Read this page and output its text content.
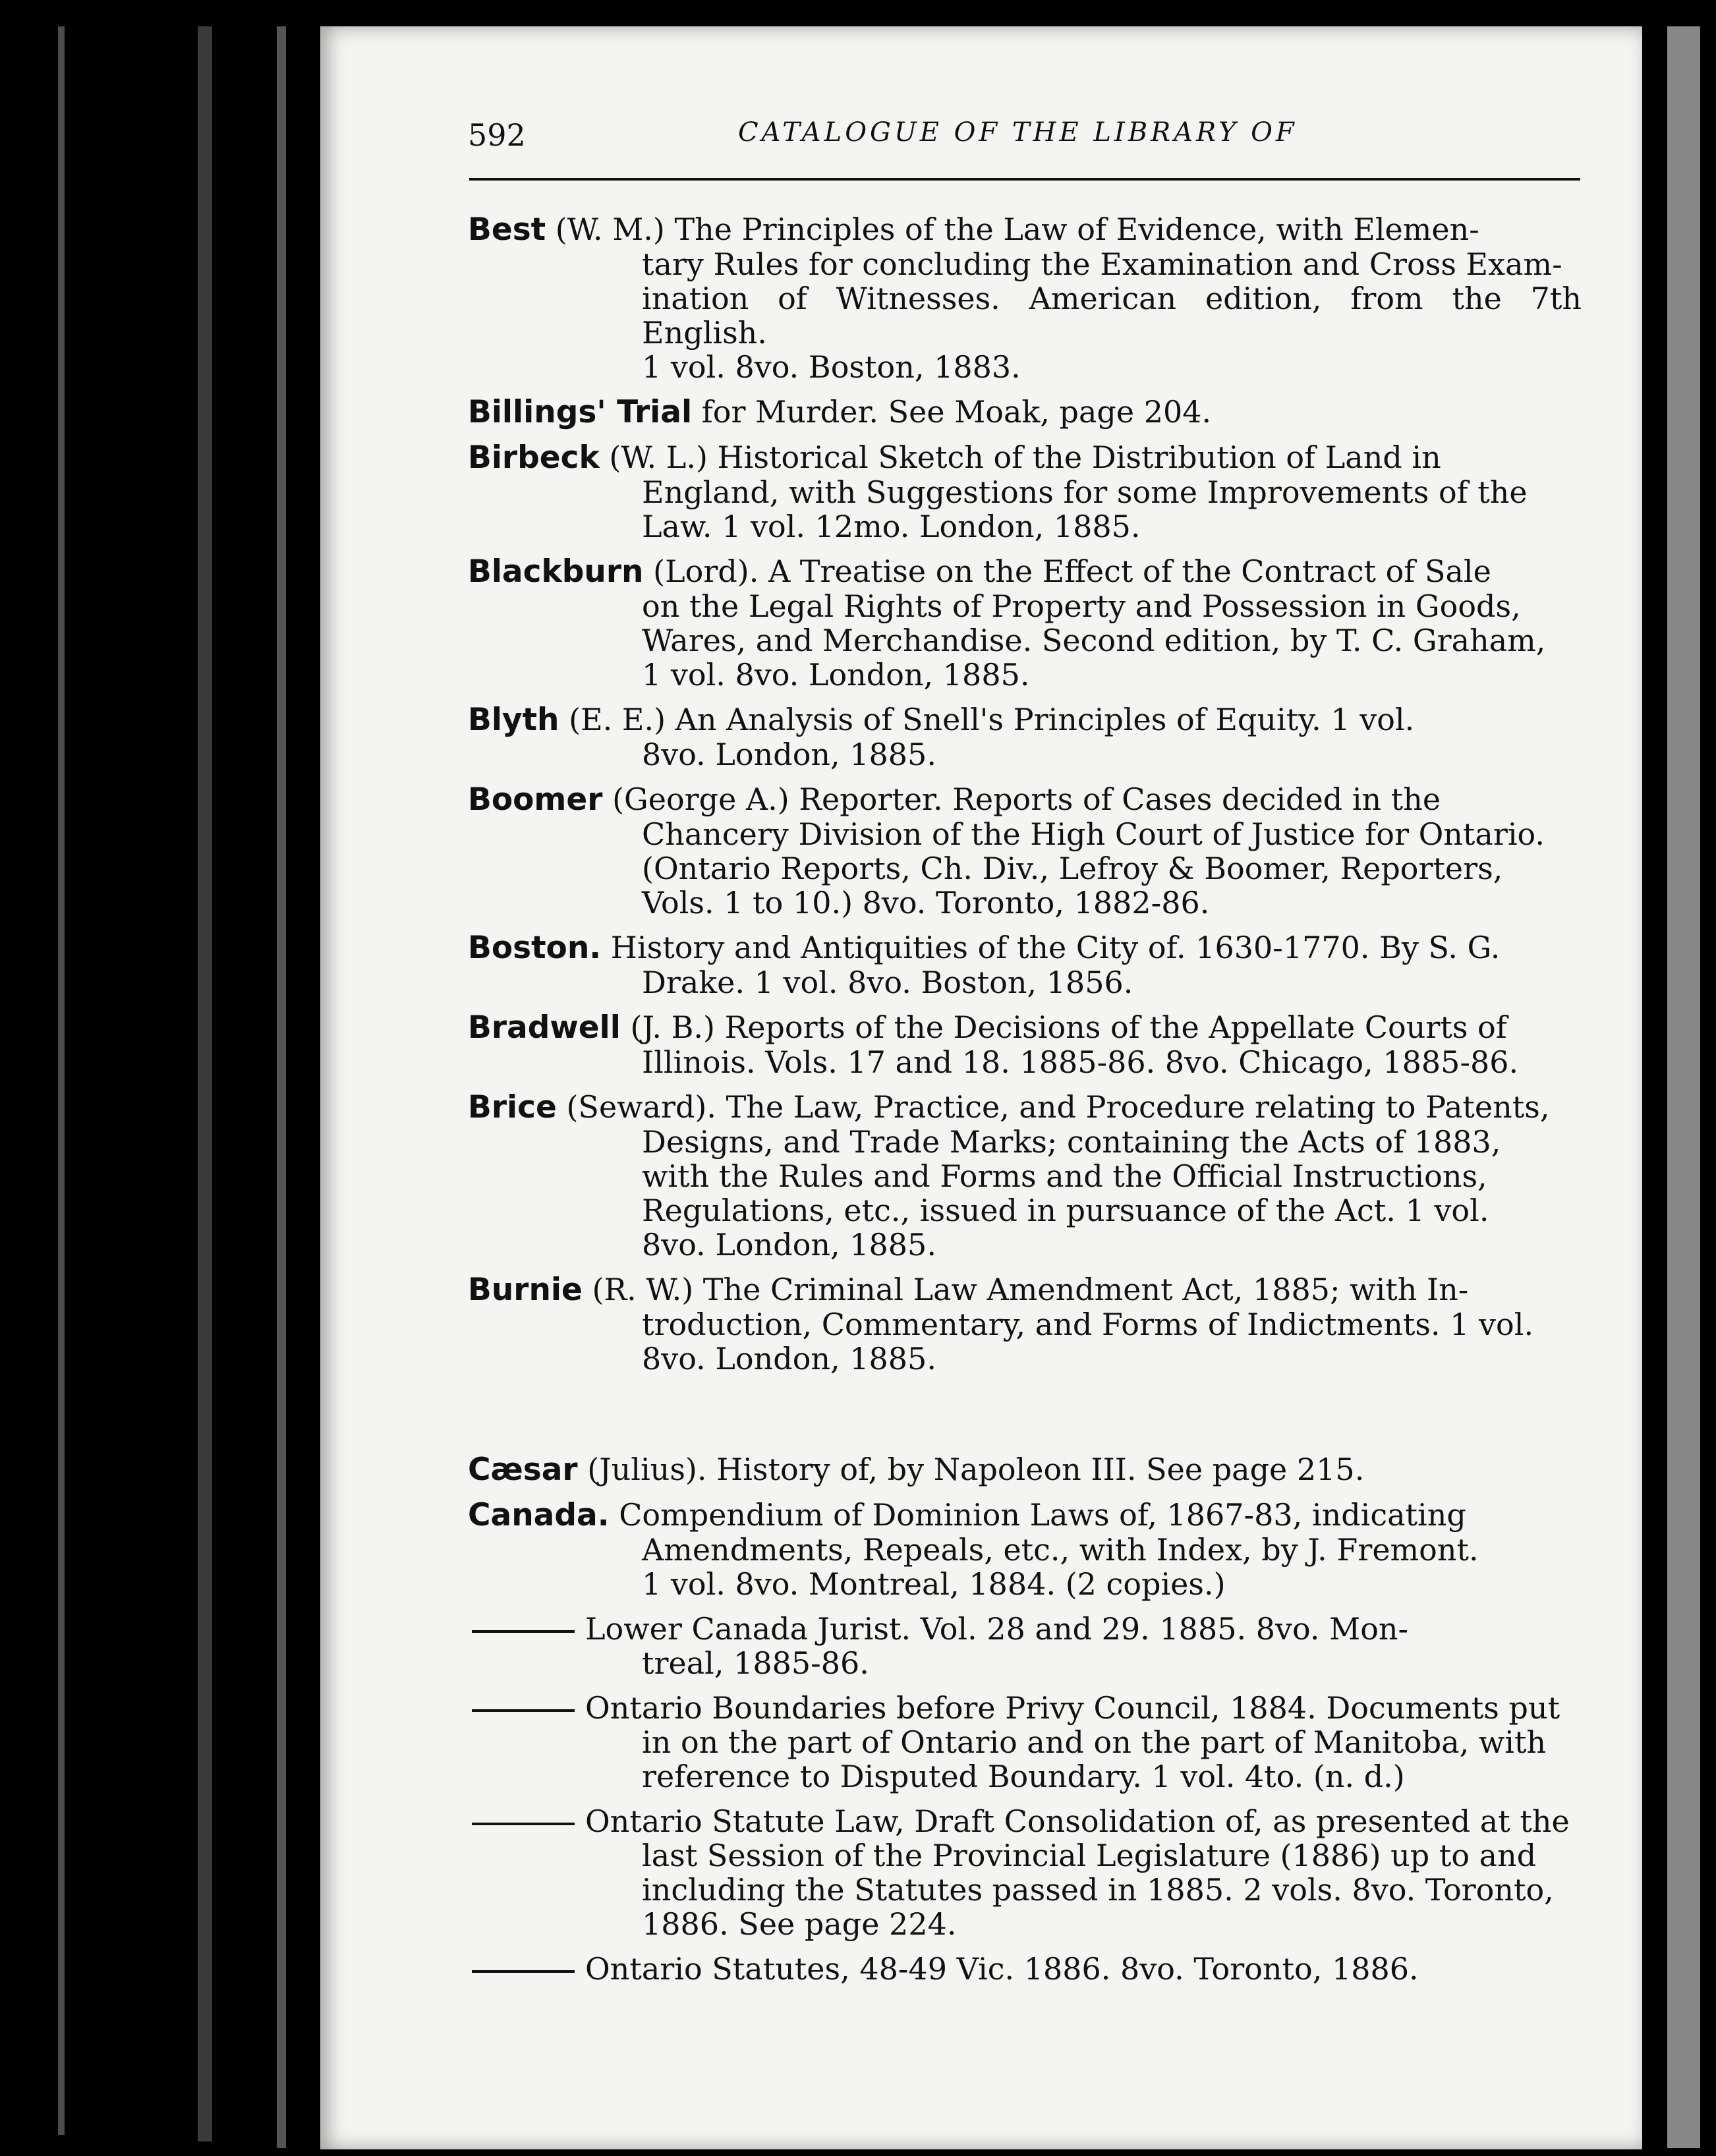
592	CATALOGUE OF THE LIBRARY OF
Best (W. M.) The Principles of the Law of Evidence, with Elemen-
tary Rules for concluding the Examination and Cross Exam-
ination of Witnesses. American edition, from the 7th English.
1 vol. 8vo. Boston, 1883.
Billings' Trial for Murder. See Moak, page 204.
Birbeck (W. L.) Historical Sketch of the Distribution of Land in
England, with Suggestions for some Improvements of the
Law. 1 vol. 12mo. London, 1885.
Blackburn (Lord). A Treatise on the Effect of the Contract of Sale
on the Legal Rights of Property and Possession in Goods,
Wares, and Merchandise. Second edition, by T. C. Graham,
1 vol. 8vo. London, 1885.
Blyth (E. E.) An Analysis of Snell's Principles of Equity. 1 vol.
8vo. London, 1885.
Boomer (George A.) Reporter. Reports of Cases decided in the
Chancery Division of the High Court of Justice for Ontario.
(Ontario Reports, Ch. Div., Lefroy & Boomer, Reporters,
Vols. 1 to 10.) 8vo. Toronto, 1882-86.
Boston. History and Antiquities of the City of. 1630-1770. By S. G.
Drake. 1 vol. 8vo. Boston, 1856.
Bradwell (J. B.) Reports of the Decisions of the Appellate Courts of
Illinois. Vols. 17 and 18. 1885-86. 8vo. Chicago, 1885-86.
Brice (Seward). The Law, Practice, and Procedure relating to Patents,
Designs, and Trade Marks; containing the Acts of 1883,
with the Rules and Forms and the Official Instructions,
Regulations, etc., issued in pursuance of the Act. 1 vol.
8vo. London, 1885.
Burnie (R. W.) The Criminal Law Amendment Act, 1885; with In-
troduction, Commentary, and Forms of Indictments. 1 vol.
8vo. London, 1885.
Cæsar (Julius). History of, by Napoleon III. See page 215.
Canada. Compendium of Dominion Laws of, 1867-83, indicating
Amendments, Repeals, etc., with Index, by J. Fremont.
1 vol. 8vo. Montreal, 1884. (2 copies.)
Lower Canada Jurist. Vol. 28 and 29. 1885. 8vo. Mon-
treal, 1885-86.
Ontario Boundaries before Privy Council, 1884. Documents put
in on the part of Ontario and on the part of Manitoba, with
reference to Disputed Boundary. 1 vol. 4to. (n. d.)
Ontario Statute Law, Draft Consolidation of, as presented at the
last Session of the Provincial Legislature (1886) up to and
including the Statutes passed in 1885. 2 vols. 8vo. Toronto,
1886. See page 224.
Ontario Statutes, 48-49 Vic. 1886. 8vo. Toronto, 1886.
